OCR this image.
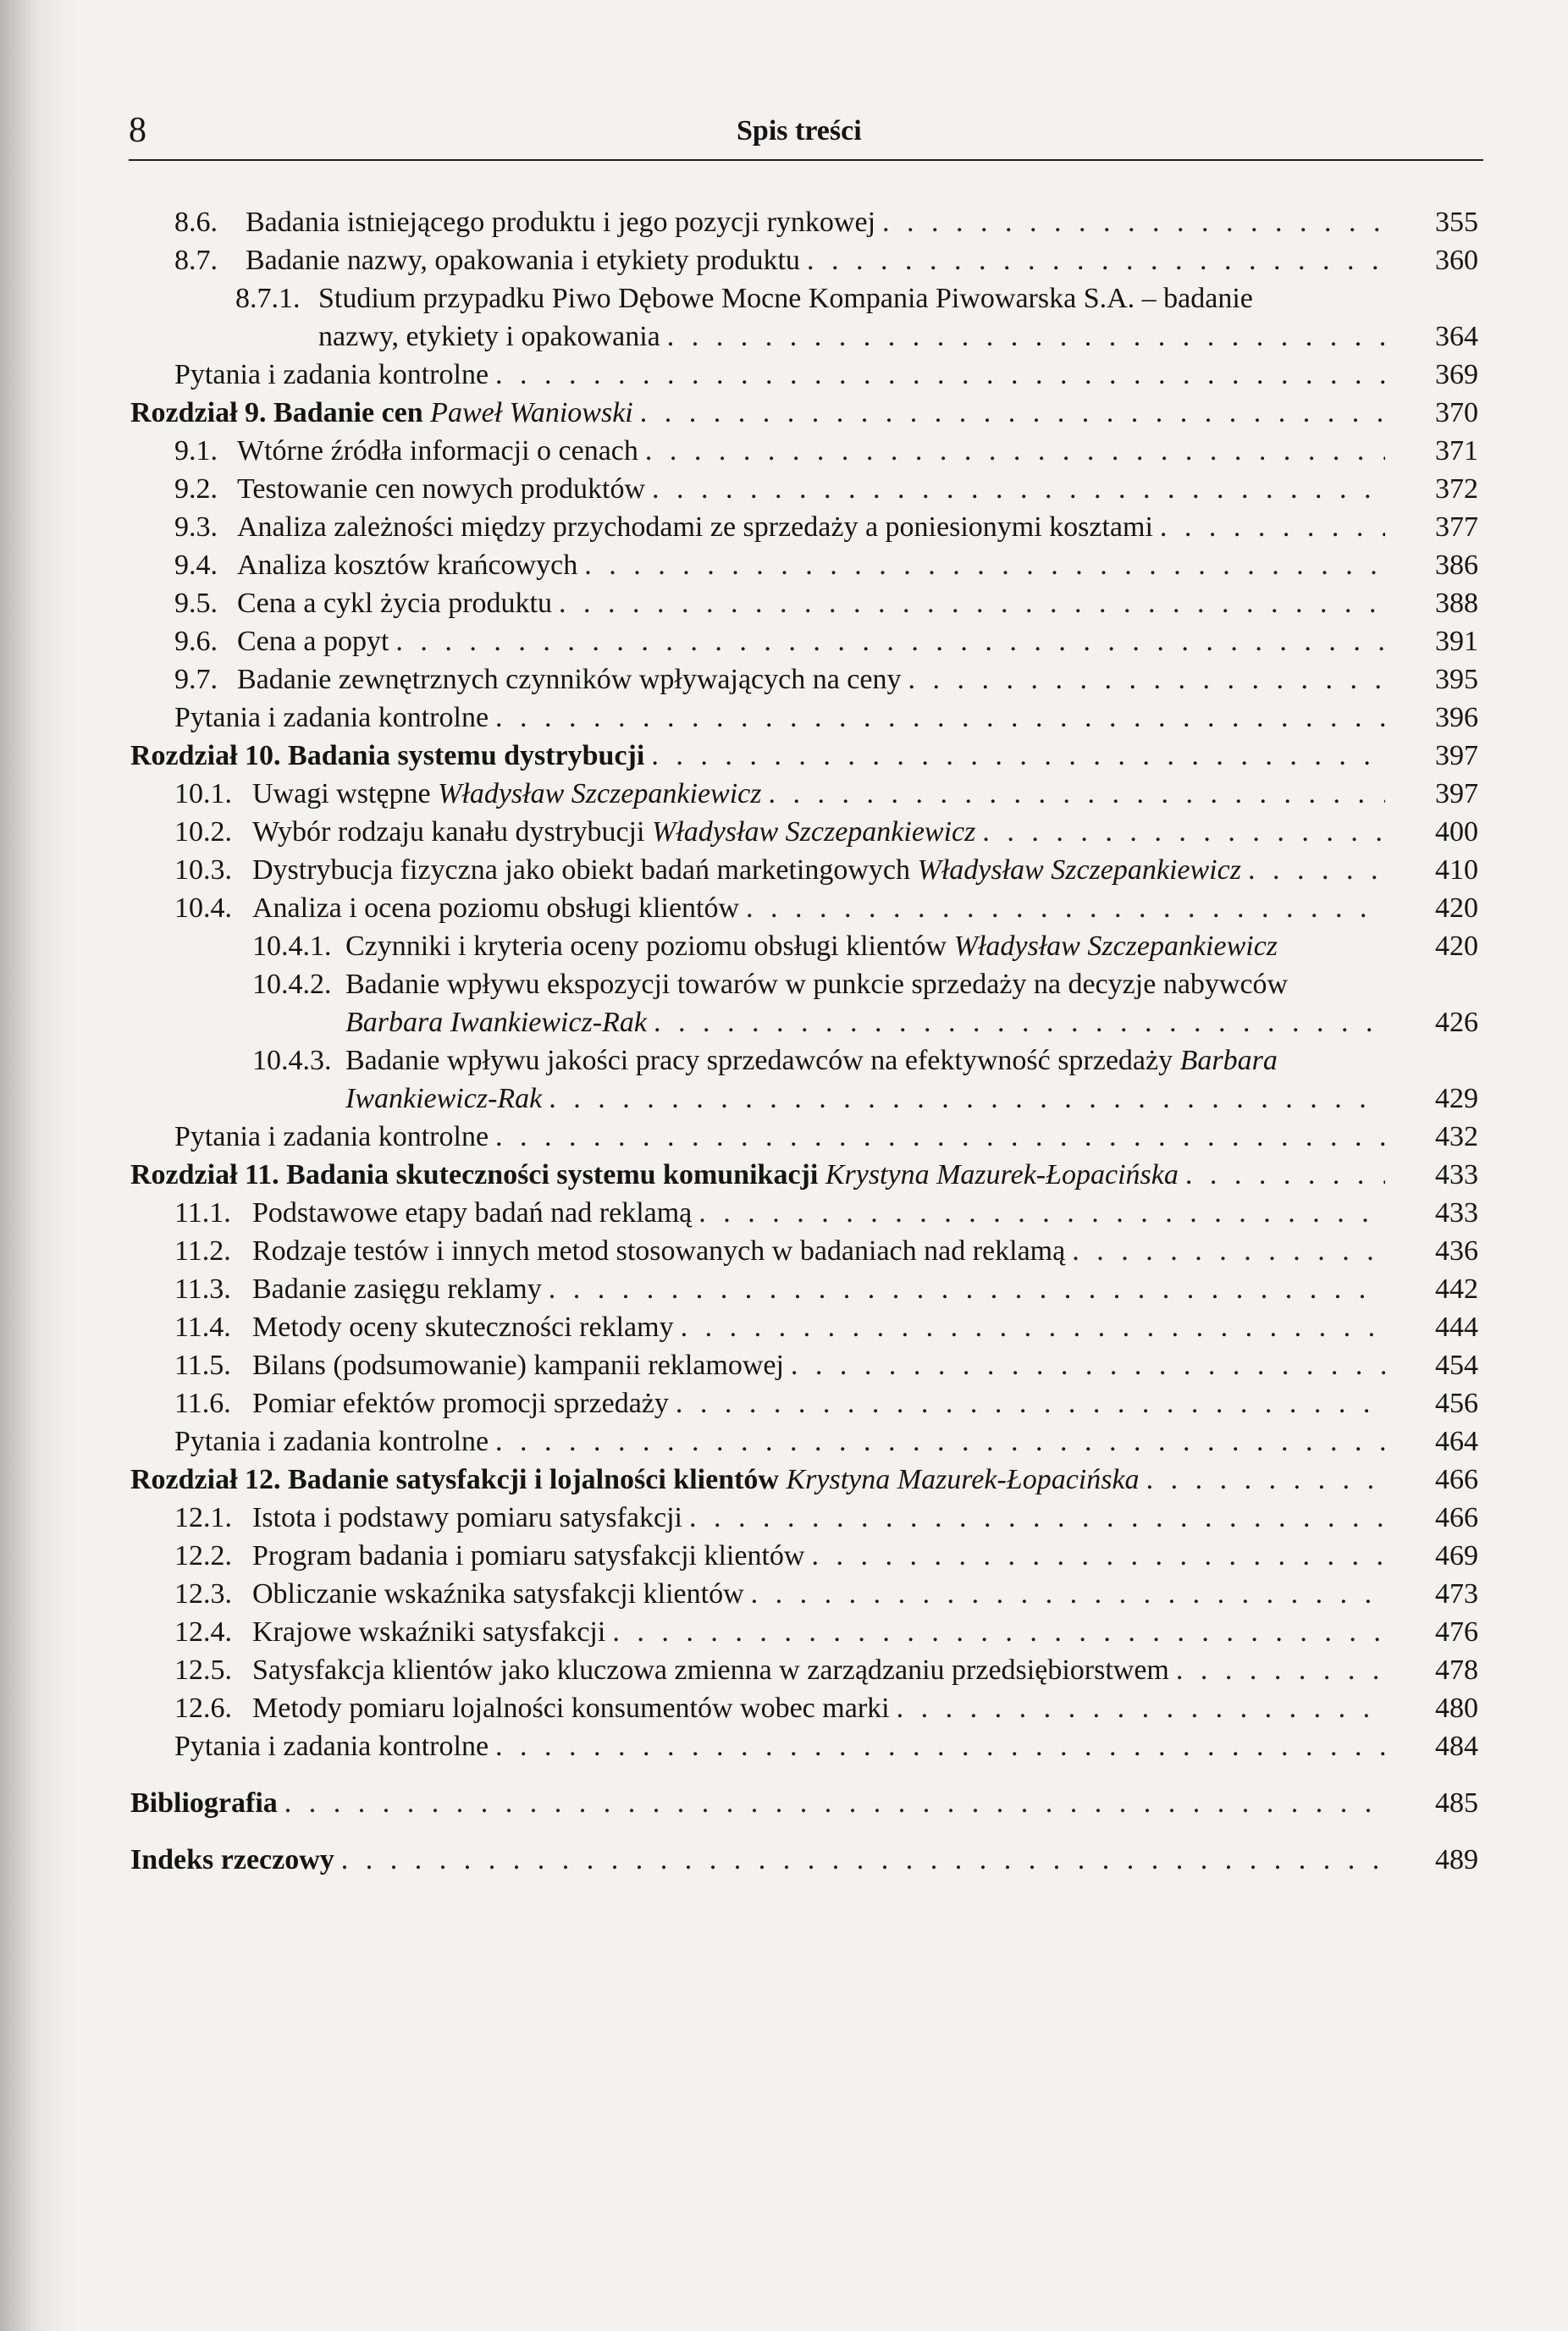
8	Spis treści
8.6. Badania istniejącego produktu i jego pozycji rynkowej . . .	355
8.7. Badanie nazwy, opakowania i etykiety produktu . . .	360
8.7.1. Studium przypadku Piwo Dębowe Mocne Kompania Piwowarska S.A. – badanie
nazwy, etykiety i opakowania . . .	364
Pytania i zadania kontrolne . . .	369
Rozdział 9. Badanie cen Paweł Waniowski . . .	370
9.1. Wtórne źródła informacji o cenach . . .	371
9.2. Testowanie cen nowych produktów . . .	372
9.3. Analiza zależności między przychodami ze sprzedaży a poniesionymi kosztami . . .	377
9.4. Analiza kosztów krańcowych . . .	386
9.5. Cena a cykl życia produktu . . .	388
9.6. Cena a popyt . . .	391
9.7. Badanie zewnętrznych czynników wpływających na ceny . . .	395
Pytania i zadania kontrolne . . .	396
Rozdział 10. Badania systemu dystrybucji . . .	397
10.1. Uwagi wstępne Władysław Szczepankiewicz . . .	397
10.2. Wybór rodzaju kanału dystrybucji Władysław Szczepankiewicz . . .	400
10.3. Dystrybucja fizyczna jako obiekt badań marketingowych Władysław Szczepankiewicz . . .	410
10.4. Analiza i ocena poziomu obsługi klientów . . .	420
10.4.1. Czynniki i kryteria oceny poziomu obsługi klientów Władysław Szczepankiewicz	420
10.4.2. Badanie wpływu ekspozycji towarów w punkcie sprzedaży na decyzje nabywców
Barbara Iwankiewicz-Rak . . .	426
10.4.3. Badanie wpływu jakości pracy sprzedawców na efektywność sprzedaży Barbara
Iwankiewicz-Rak . . .	429
Pytania i zadania kontrolne . . .	432
Rozdział 11. Badania skuteczności systemu komunikacji Krystyna Mazurek-Łopacińska . . .	433
11.1. Podstawowe etapy badań nad reklamą . . .	433
11.2. Rodzaje testów i innych metod stosowanych w badaniach nad reklamą . . .	436
11.3. Badanie zasięgu reklamy . . .	442
11.4. Metody oceny skuteczności reklamy . . .	444
11.5. Bilans (podsumowanie) kampanii reklamowej . . .	454
11.6. Pomiar efektów promocji sprzedaży . . .	456
Pytania i zadania kontrolne . . .	464
Rozdział 12. Badanie satysfakcji i lojalności klientów Krystyna Mazurek-Łopacińska . . .	466
12.1. Istota i podstawy pomiaru satysfakcji . . .	466
12.2. Program badania i pomiaru satysfakcji klientów . . .	469
12.3. Obliczanie wskaźnika satysfakcji klientów . . .	473
12.4. Krajowe wskaźniki satysfakcji . . .	476
12.5. Satysfakcja klientów jako kluczowa zmienna w zarządzaniu przedsiębiorstwem . . .	478
12.6. Metody pomiaru lojalności konsumentów wobec marki . . .	480
Pytania i zadania kontrolne . . .	484
Bibliografia . . .	485
Indeks rzeczowy . . .	489
